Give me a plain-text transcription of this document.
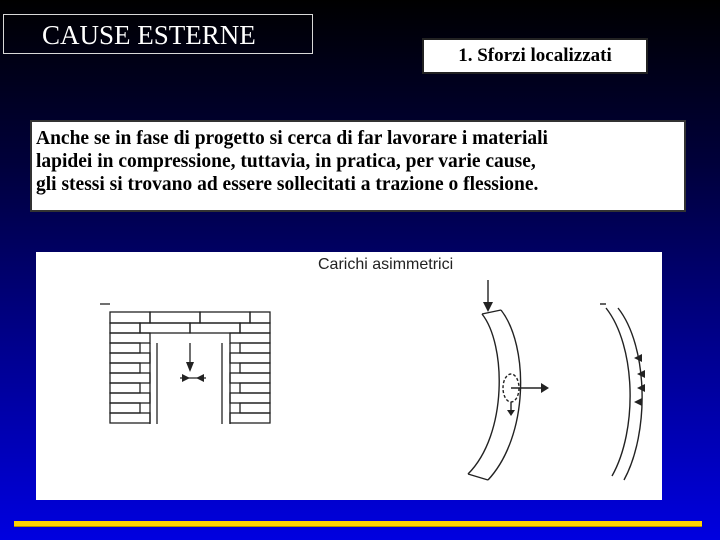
CAUSE ESTERNE
1. Sforzi localizzati
Anche se in fase di progetto si cerca di far lavorare i materiali
lapidei in compressione, tuttavia, in pratica, per varie cause,
gli stessi si trovano ad essere sollecitati a trazione o flessione.
Carichi asimmetrici
